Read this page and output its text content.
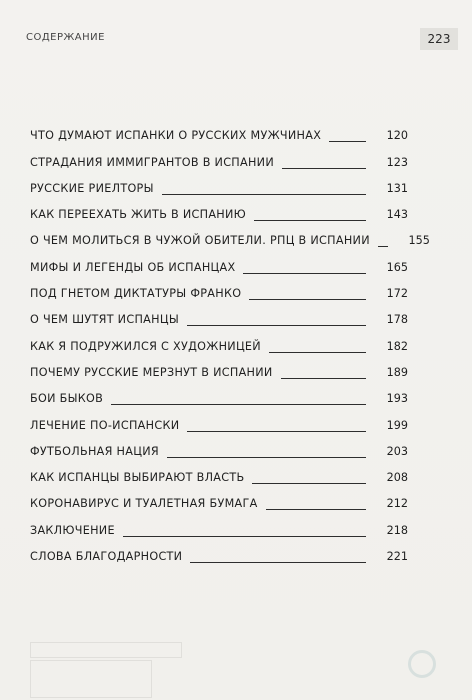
СОДЕРЖАНИЕ	223
ЧТО ДУМАЮТ ИСПАНКИ О РУССКИХ МУЖЧИНАХ	120
СТРАДАНИЯ ИММИГРАНТОВ В ИСПАНИИ	123
РУССКИЕ РИЕЛТОРЫ	131
КАК ПЕРЕЕХАТЬ ЖИТЬ В ИСПАНИЮ	143
О ЧЕМ МОЛИТЬСЯ В ЧУЖОЙ ОБИТЕЛИ. РПЦ В ИСПАНИИ	155
МИФЫ И ЛЕГЕНДЫ ОБ ИСПАНЦАХ	165
ПОД ГНЕТОМ ДИКТАТУРЫ ФРАНКО	172
О ЧЕМ ШУТЯТ ИСПАНЦЫ	178
КАК Я ПОДРУЖИЛСЯ С ХУДОЖНИЦЕЙ	182
ПОЧЕМУ РУССКИЕ МЕРЗНУТ В ИСПАНИИ	189
БОИ БЫКОВ	193
ЛЕЧЕНИЕ ПО-ИСПАНСКИ	199
ФУТБОЛЬНАЯ НАЦИЯ	203
КАК ИСПАНЦЫ ВЫБИРАЮТ ВЛАСТЬ	208
КОРОНАВИРУС И ТУАЛЕТНАЯ БУМАГА	212
ЗАКЛЮЧЕНИЕ	218
СЛОВА БЛАГОДАРНОСТИ	221
